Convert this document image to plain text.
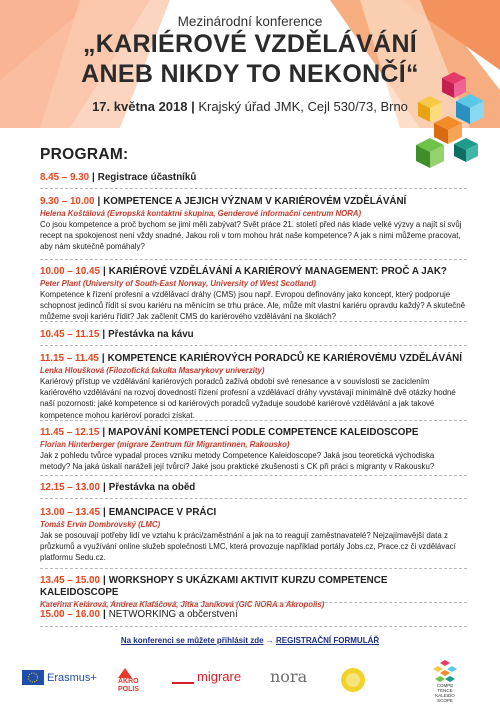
Mezinárodní konference
„KARIÉROVÉ VZDĚLÁVÁNÍ
ANEB NIKDY TO NEKONČÍ“
17. května 2018 | Krajský úřad JMK, Cejl 530/73, Brno
PROGRAM:
8.45 – 9.30 | Registrace účastníků
9.30 – 10.00 | KOMPETENCE A JEJICH VÝZNAM V KARIÉROVÉM VZDĚLÁVÁNÍ
Helena Koštálová (Evropská kontaktní skupina, Genderové informační centrum NORA)
Co jsou kompetence a proč bychom se jimi měli zabývat? Svět práce 21. století před nás klade velké výzvy a najít si svůj recept na spokojenost není vždy snadné. Jakou roli v tom mohou hrát naše kompetence? A jak s nimi můžeme pracovat, aby nám skutečně pomáhaly?
10.00 – 10.45 | KARIÉROVÉ VZDĚLÁVÁNÍ A KARIÉROVÝ MANAGEMENT: PROČ A JAK?
Peter Plant (University of South-East Norway, University of West Scotland)
Kompetence k řízení profesní a vzdělávací dráhy (CMS) jsou např. Evropou definovány jako koncept, který podporuje schopnost jedinců řídit si svou kariéru na měnícím se trhu práce. Ale, může mít vlastní kariéru opravdu každý? A skutečně můžeme svoji kariéru řídit? Jak začlenit CMS do kariérového vzdělávání na školách?
10.45 – 11.15 | Přestávka na kávu
11.15 – 11.45 | KOMPETENCE KARIÉROVÝCH PORADCŮ KE KARIÉROVÉMU VZDĚLÁVÁNÍ
Lenka Hloušková (Filozofická fakulta Masarykovy univerzity)
Kariérový přístup ve vzdělávání kariérových poradců zažívá období své renesance a v souvislosti se zaciclením kariérového vzdělávání na rozvoj dovedností řízení profesní a vzdělávací dráhy vyvstávají minimálně dvě otázky hodné naší pozornosti: jaké kompetence si od kariérových poradců vyžaduje soudobé kariérové vzdělávání a jak takové kompetence mohou kariéroví poradci získat.
11.45 – 12.15 | MAPOVÁNÍ KOMPETENCÍ PODLE COMPETENCE KALEIDOSCOPE
Florian Hinterberger (migrare Zentrum für Migrantinnen, Rakousko)
Jak z pohledu tvůrce vypadal proces vzniku metody Competence Kaleidoscope? Jaká jsou teoretická východiska metody? Na jaká úskalí naráželi její tvůrci? Jaké jsou praktické zkušenosti s CK při práci s migranty v Rakousku?
12.15 – 13.00 | Přestávka na oběd
13.00 – 13.45 | EMANCIPACE V PRÁCI
Tomáš Ervín Dombrovský (LMC)
Jak se posouvají potřeby lidí ve vztahu k práci/zaměstnání a jak na to reagují zaměstnavatelé? Nejzajímavější data z průzkumů a využívání online služeb společnosti LMC, která provozuje například portály Jobs.cz, Prace.cz či vzdělávací platformu Sedu.cz.
13.45 – 15.00 | WORKSHOPY S UKÁZKAMI AKTIVIT KURZU COMPETENCE KALEIDOSCOPE
Kateřina Kelárová, Andrea Klafáčová, Jitka Janíková (GIC NORA a Akropolis)
15.00 – 16.00 | NETWORKING a občerstvení
Na konferenci se můžete přihlásit zde → REGISTRAČNÍ FORMULÁŘ
Erasmus+	AKRO POLIS
migrare nora	COMPE TENCE KALEIDO SCOPE
